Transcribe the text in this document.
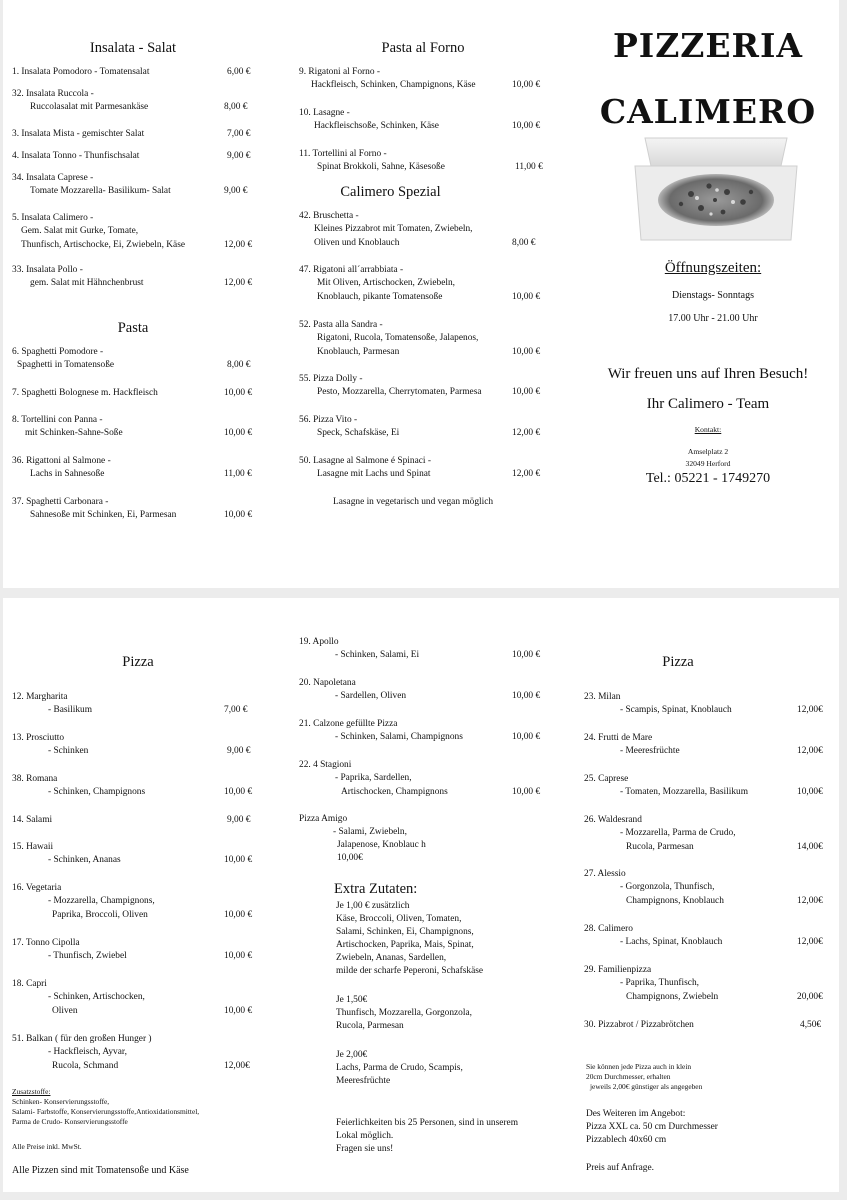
Insalata - Salat
1. Insalata Pomodoro - Tomatensalat	6,00 €
32. Insalata Ruccola -
Ruccolasalat mit Parmesankäse	8,00 €
3. Insalata Mista - gemischter Salat	7,00 €
4. Insalata Tonno - Thunfischsalat	9,00 €
34. Insalata Caprese -
Tomate Mozzarella- Basilikum- Salat	9,00 €
5. Insalata Calimero -
Gem. Salat mit Gurke, Tomate,
Thunfisch, Artischocke, Ei, Zwiebeln, Käse	12,00 €
33. Insalata Pollo -
gem. Salat mit Hähnchenbrust	12,00 €
Pasta
6. Spaghetti Pomodore -
Spaghetti in Tomatensoße	8,00 €
7. Spaghetti Bolognese m. Hackfleisch	10,00 €
8. Tortellini con Panna -
mit Schinken-Sahne-Soße	10,00 €
36. Rigattoni al Salmone -
Lachs in Sahnesoße	11,00 €
37. Spaghetti Carbonara -
Sahnesoße mit Schinken, Ei, Parmesan	10,00 €
Pasta al Forno
9. Rigatoni al Forno -
Hackfleisch, Schinken, Champignons, Käse	10,00 €
10. Lasagne -
Hackfleischsoße, Schinken, Käse	10,00 €
11. Tortellini al Forno -
Spinat Brokkoli, Sahne, Käsesoße	11,00 €
Calimero Spezial
42. Bruschetta -
Kleines Pizzabrot mit Tomaten, Zwiebeln,
Oliven und Knoblauch	8,00 €
47. Rigatoni all´arrabbiata -
Mit Oliven, Artischocken, Zwiebeln,
Knoblauch, pikante Tomatensoße	10,00 €
52. Pasta alla Sandra -
Rigatoni, Rucola, Tomatensoße, Jalapenos,
Knoblauch, Parmesan	10,00 €
55. Pizza Dolly -
Pesto, Mozzarella, Cherrytomaten, Parmesa	10,00 €
56. Pizza Vito -
Speck, Schafskäse, Ei	12,00 €
50. Lasagne al Salmone é Spinaci -
Lasagne mit Lachs und Spinat	12,00 €
Lasagne in vegetarisch und vegan möglich
PIZZERIA
CALIMERO
Öffnungszeiten:
Dienstags- Sonntags
17.00 Uhr - 21.00 Uhr
Wir freuen uns auf Ihren Besuch!
Ihr Calimero - Team
Kontakt:
Amselplatz 2
32049 Herford
Tel.: 05221 - 1749270
Pizza
12. Margharita
- Basilikum	7,00 €
13. Prosciutto
- Schinken	9,00 €
38. Romana
- Schinken, Champignons	10,00 €
14. Salami	9,00 €
15. Hawaii
- Schinken, Ananas	10,00 €
16. Vegetaria
- Mozzarella, Champignons,
Paprika, Broccoli, Oliven	10,00 €
17. Tonno Cipolla
- Thunfisch, Zwiebel	10,00 €
18. Capri
- Schinken, Artischocken,
Oliven	10,00 €
51. Balkan ( für den großen Hunger )
- Hackfleisch, Ayvar,
Rucola, Schmand	12,00€
Zusatzstoffe:
Schinken- Konservierungsstoffe,
Salami- Farbstoffe, Konservierungsstoffe,Antioxidationsmittel,
Parma de Crudo- Konservierungsstoffe
Alle Preise inkl. MwSt.
Alle Pizzen sind mit Tomatensoße und Käse
19. Apollo
- Schinken, Salami, Ei	10,00 €
20. Napoletana
- Sardellen, Oliven	10,00 €
21. Calzone gefüllte Pizza
- Schinken, Salami, Champignons	10,00 €
22. 4 Stagioni
- Paprika, Sardellen,
Artischocken, Champignons	10,00 €
Pizza Amigo
- Salami, Zwiebeln,
Jalapenose, Knoblauc h
10,00€
Extra Zutaten:
Je 1,00 € zusätzlich
Käse, Broccoli, Oliven, Tomaten,
Salami, Schinken, Ei, Champignons,
Artischocken, Paprika, Mais, Spinat,
Zwiebeln, Ananas, Sardellen,
milde der scharfe Peperoni, Schafskäse
Je 1,50€
Thunfisch, Mozzarella, Gorgonzola,
Rucola, Parmesan
Je 2,00€
Lachs, Parma de Crudo, Scampis,
Meeresfrüchte
Feierlichkeiten bis 25 Personen, sind in unserem
Lokal möglich.
Fragen sie uns!
Pizza
23. Milan
- Scampis, Spinat, Knoblauch	12,00€
24. Frutti de Mare
- Meeresfrüchte	12,00€
25. Caprese
- Tomaten, Mozzarella, Basilikum	10,00€
26. Waldesrand
- Mozzarella, Parma de Crudo,
Rucola, Parmesan	14,00€
27. Alessio
- Gorgonzola, Thunfisch,
Champignons, Knoblauch	12,00€
28. Calimero
- Lachs, Spinat, Knoblauch	12,00€
29. Familienpizza
- Paprika, Thunfisch,
Champignons, Zwiebeln	20,00€
30. Pizzabrot / Pizzabrötchen	4,50€
Sie können jede Pizza auch in klein
20cm Durchmesser, erhalten
jeweils 2,00€ günstiger als angegeben
Des Weiteren im Angebot:
Pizza XXL ca. 50 cm Durchmesser
Pizzablech 40x60 cm
Preis auf Anfrage.
